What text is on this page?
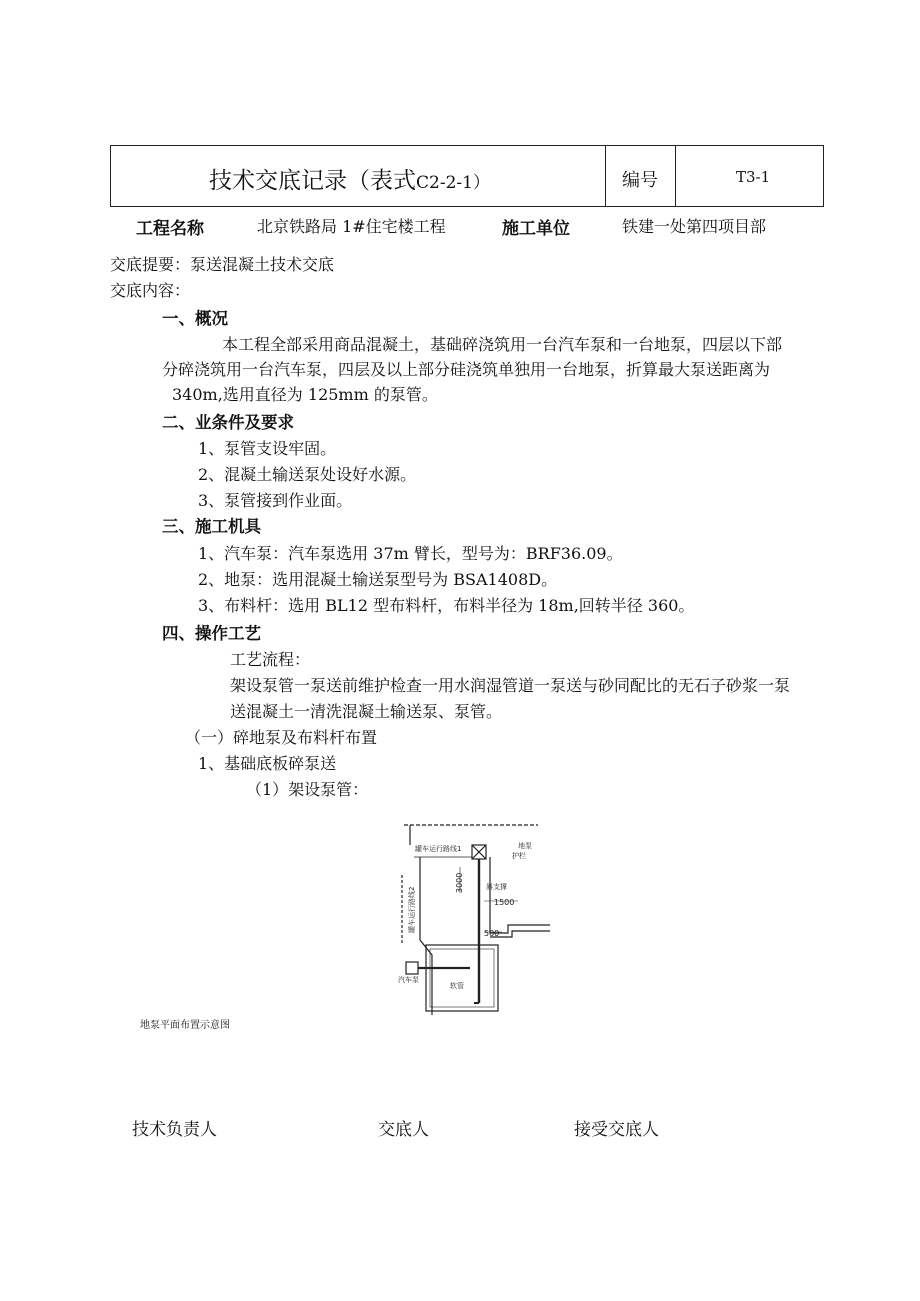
技术交底记录（表式C2-2-1）	编号	T3-1
工程名称	北京铁路局 1#住宅楼工程	施工单位	铁建一处第四项目部
交底提要：泵送混凝土技术交底
交底内容：
一、概况
本工程全部采用商品混凝土，基础碎浇筑用一台汽车泵和一台地泵，四层以下部
分碎浇筑用一台汽车泵，四层及以上部分硅浇筑单独用一台地泵，折算最大泵送距离为
340m,选用直径为 125mm 的泵管。
二、业条件及要求
1、泵管支设牢固。
2、混凝土输送泵处设好水源。
3、泵管接到作业面。
三、施工机具
1、汽车泵：汽车泵选用 37m 臂长，型号为：BRF36.09。
2、地泵：选用混凝土输送泵型号为 BSA1408D。
3、布料杆：选用 BL12 型布料杆，布料半径为 18m,回转半径 360。
四、操作工艺
工艺流程：
架设泵管一泵送前维护检查一用水润湿管道一泵送与砂同配比的无石子砂浆一泵
送混凝土一清洗混凝土输送泵、泵管。
（一）碎地泵及布料杆布置
1、基础底板碎泵送
（1）架设泵管：
罐车运行路线1	地泵
护栏
斜支撑
1500
500
汽车泵
软管
3000
罐车运行路线2
地泵平面布置示意图
技术负责人	交底人	接受交底人
